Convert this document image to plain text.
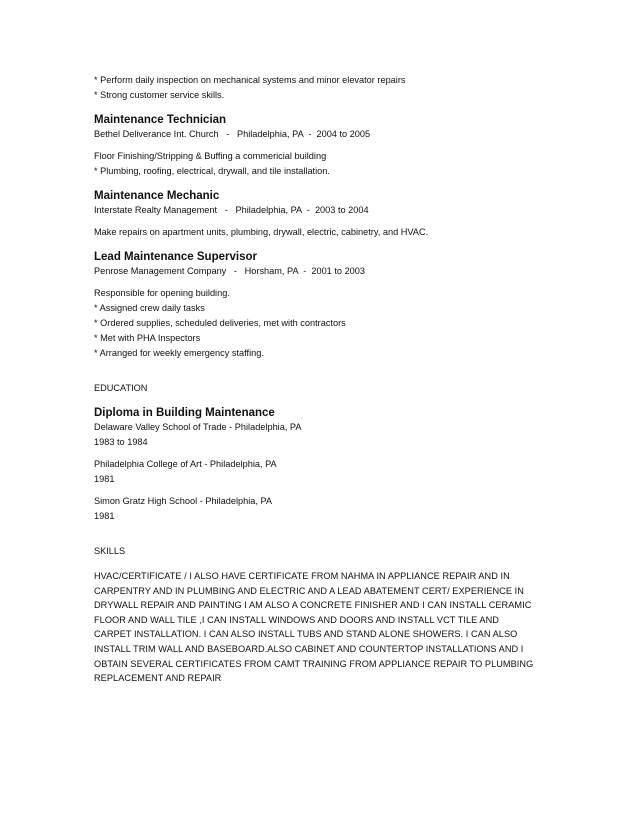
* Perform daily inspection on mechanical systems and minor elevator repairs
* Strong customer service skills.
Maintenance Technician
Bethel Deliverance Int. Church   -   Philadelphia, PA  -  2004 to 2005
Floor Finishing/Stripping & Buffing a commericial building
* Plumbing, roofing, electrical, drywall, and tile installation.
Maintenance Mechanic
Interstate Realty Management   -   Philadelphia, PA  -  2003 to 2004
Make repairs on apartment units, plumbing, drywall, electric, cabinetry, and HVAC.
Lead Maintenance Supervisor
Penrose Management Company   -   Horsham, PA  -  2001 to 2003
Responsible for opening building.
* Assigned crew daily tasks
* Ordered supplies, scheduled deliveries, met with contractors
* Met with PHA Inspectors
* Arranged for weekly emergency staffing.
EDUCATION
Diploma in Building Maintenance
Delaware Valley School of Trade - Philadelphia, PA
1983 to 1984
Philadelphia College of Art - Philadelphia, PA
1981
Simon Gratz High School - Philadelphia, PA
1981
SKILLS
HVAC/CERTIFICATE / I ALSO HAVE CERTIFICATE FROM NAHMA IN APPLIANCE REPAIR AND IN
CARPENTRY AND IN PLUMBING AND ELECTRIC AND A LEAD ABATEMENT CERT/ EXPERIENCE IN
DRYWALL REPAIR AND PAINTING I AM ALSO A CONCRETE FINISHER AND I CAN INSTALL CERAMIC
FLOOR AND WALL TILE ,I CAN INSTALL WINDOWS AND DOORS AND INSTALL VCT TILE AND
CARPET INSTALLATION. I CAN ALSO INSTALL TUBS AND STAND ALONE SHOWERS. I CAN ALSO
INSTALL TRIM WALL AND BASEBOARD.ALSO CABINET AND COUNTERTOP INSTALLATIONS AND I
OBTAIN SEVERAL CERTIFICATES FROM CAMT TRAINING FROM APPLIANCE REPAIR TO PLUMBING
REPLACEMENT AND REPAIR
